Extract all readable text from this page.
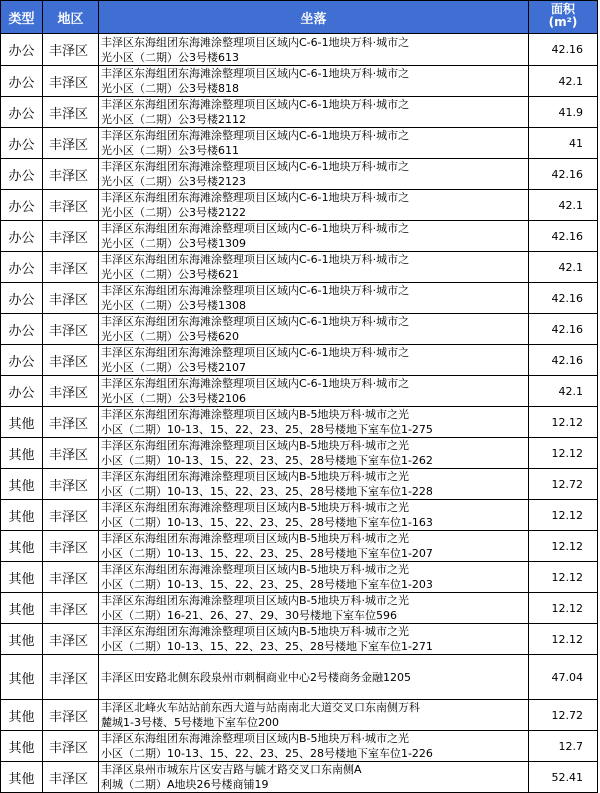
类型	地区	坐落	面积
(m²)
办公	丰泽区	丰泽区东海组团东海滩涂整理项目区域内C-6-1地块万科·城市之
光小区（二期）公3号楼613	42.16
办公	丰泽区	丰泽区东海组团东海滩涂整理项目区域内C-6-1地块万科·城市之
光小区（二期）公3号楼818	42.1
办公	丰泽区	丰泽区东海组团东海滩涂整理项目区域内C-6-1地块万科·城市之
光小区（二期）公3号楼2112	41.9
办公	丰泽区	丰泽区东海组团东海滩涂整理项目区域内C-6-1地块万科·城市之
光小区（二期）公3号楼611	41
办公	丰泽区	丰泽区东海组团东海滩涂整理项目区域内C-6-1地块万科·城市之
光小区（二期）公3号楼2123	42.16
办公	丰泽区	丰泽区东海组团东海滩涂整理项目区域内C-6-1地块万科·城市之
光小区（二期）公3号楼2122	42.1
办公	丰泽区	丰泽区东海组团东海滩涂整理项目区域内C-6-1地块万科·城市之
光小区（二期）公3号楼1309	42.16
办公	丰泽区	丰泽区东海组团东海滩涂整理项目区域内C-6-1地块万科·城市之
光小区（二期）公3号楼621	42.1
办公	丰泽区	丰泽区东海组团东海滩涂整理项目区域内C-6-1地块万科·城市之
光小区（二期）公3号楼1308	42.16
办公	丰泽区	丰泽区东海组团东海滩涂整理项目区域内C-6-1地块万科·城市之
光小区（二期）公3号楼620	42.16
办公	丰泽区	丰泽区东海组团东海滩涂整理项目区域内C-6-1地块万科·城市之
光小区（二期）公3号楼2107	42.16
办公	丰泽区	丰泽区东海组团东海滩涂整理项目区域内C-6-1地块万科·城市之
光小区（二期）公3号楼2106	42.1
其他	丰泽区	丰泽区东海组团东海滩涂整理项目区域内B-5地块万科·城市之光
小区（二期）10-13、15、22、23、25、28号楼地下室车位1-275	12.12
其他	丰泽区	丰泽区东海组团东海滩涂整理项目区域内B-5地块万科·城市之光
小区（二期）10-13、15、22、23、25、28号楼地下室车位1-262	12.12
其他	丰泽区	丰泽区东海组团东海滩涂整理项目区域内B-5地块万科·城市之光
小区（二期）10-13、15、22、23、25、28号楼地下室车位1-228	12.72
其他	丰泽区	丰泽区东海组团东海滩涂整理项目区域内B-5地块万科·城市之光
小区（二期）10-13、15、22、23、25、28号楼地下室车位1-163	12.12
其他	丰泽区	丰泽区东海组团东海滩涂整理项目区域内B-5地块万科·城市之光
小区（二期）10-13、15、22、23、25、28号楼地下室车位1-207	12.12
其他	丰泽区	丰泽区东海组团东海滩涂整理项目区域内B-5地块万科·城市之光
小区（二期）10-13、15、22、23、25、28号楼地下室车位1-203	12.12
其他	丰泽区	丰泽区东海组团东海滩涂整理项目区域内B-5地块万科·城市之光
小区（二期）16-21、26、27、29、30号楼地下室车位596	12.12
其他	丰泽区	丰泽区东海组团东海滩涂整理项目区域内B-5地块万科·城市之光
小区（二期）10-13、15、22、23、25、28号楼地下室车位1-271	12.12
其他	丰泽区	丰泽区田安路北侧东段泉州市刺桐商业中心2号楼商务金融1205	47.04
其他	丰泽区	丰泽区北峰火车站站前东西大道与站南南北大道交叉口东南侧万科
麓城1-3号楼、5号楼地下室车位200	12.72
其他	丰泽区	丰泽区东海组团东海滩涂整理项目区域内B-5地块万科·城市之光
小区（二期）10-13、15、22、23、25、28号楼地下室车位1-226	12.7
其他	丰泽区	丰泽区泉州市城东片区安吉路与毓才路交叉口东南侧A
利城（二期）A地块26号楼商铺19	52.41
